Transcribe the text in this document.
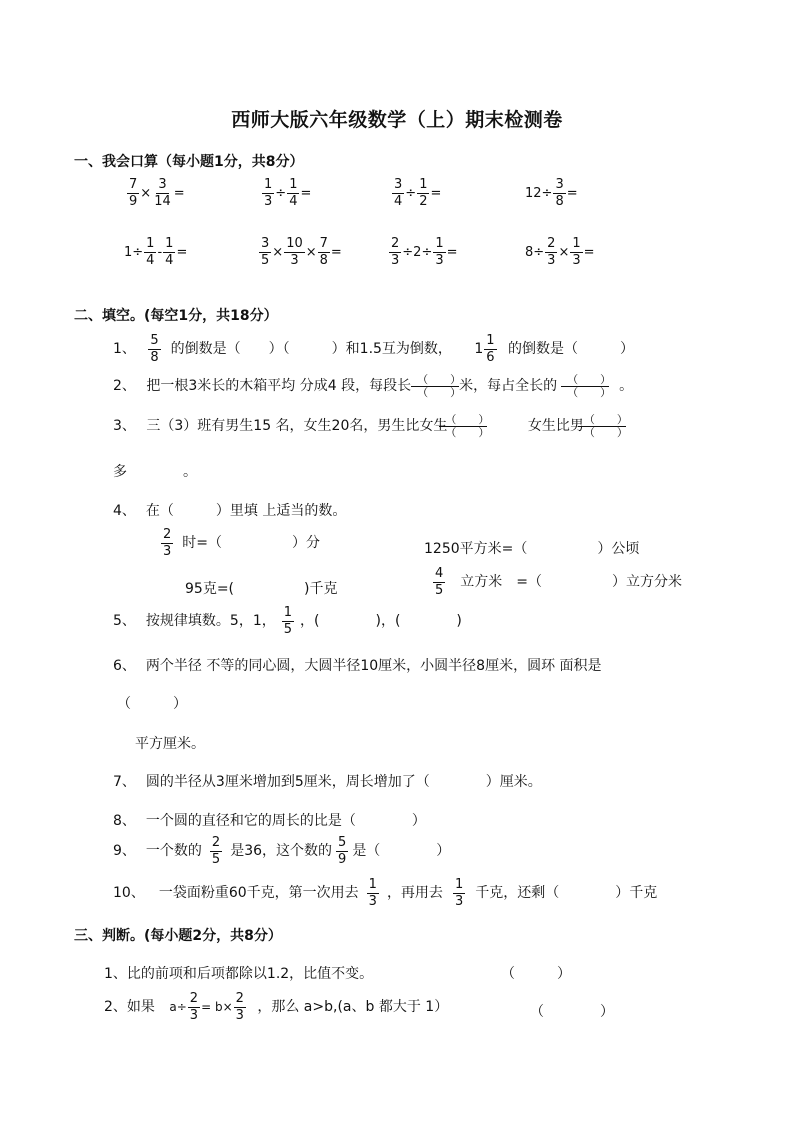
西师大版六年级数学（上）期末检测卷
一、我会口算（每小题1分，共8分）
$\frac{7}{9} \times \frac{3}{14}$ =	$\frac{1}{3} \div \frac{1}{4}$ =	$\frac{3}{4} \div \frac{1}{2}$ =	$12\div \frac{3}{8}$ =
$1\div \frac{1}{4} - \frac{1}{4}$ =	$\frac{3}{5} \times \frac{10}{3} \times \frac{7}{8}$ =	$\frac{2}{3} \div 2\div \frac{1}{3}$ =	$8\div \frac{2}{3} \times \frac{1}{3}$ =
二、填空。(每空1分，共18分）
1、 $\frac{5}{8}$ 的倒数是（　　）（　　　）和1.5互为倒数， $1 \frac{1}{6}$ 的倒数是（　　　）
2、 把一根3米长的木箱平均 分成4 段，每段长 （　　）
（　　）
米，每占全长的 （　　）
（　　） 。
3、 三（3）班有男生15 名，女生20名，男生比女生
（　　）
（　　）	女生比男 （　　）
（　　）
多　　　　。
4、 在（　　　）里填 上适当的数。
$\frac{2}{3}$ 时=（　　　　　）分	1250平方米=（　　　　　）公顷
95克=(　　　　　)千克	$\frac{4}{5}$ 立方米　=（　　　　　）立方分米
5、 按规律填数。5，1， $\frac{1}{5}$ ，(　　　　)，(　　　　)
6、 两个半径 不等的同心圆，大圆半径10厘米，小圆半径8厘米，圆环 面积是
（　　　）
平方厘米。
7、 圆的半径从3厘米增加到5厘米，周长增加了（　　　　）厘米。
8、 一个圆的直径和它的周长的比是（　　　　）
9、 一个数的 $\frac{2}{5}$ 是36，这个数的 $\frac{5}{9}$ 是（　　　　）
10、 一袋面粉重60千克，第一次用去 $\frac{1}{3}$ ，再用去 $\frac{1}{3}$ 千克，还剩（　　　　）千克
三、判断。(每小题2分，共8分）
1、比的前项和后项都除以1.2，比值不变。	（　　　）
2、如果 $a\div \frac{2}{3} = b\times \frac{2}{3}$ ，那么 a>b,(a、b 都大于 1）	（　　　　）
